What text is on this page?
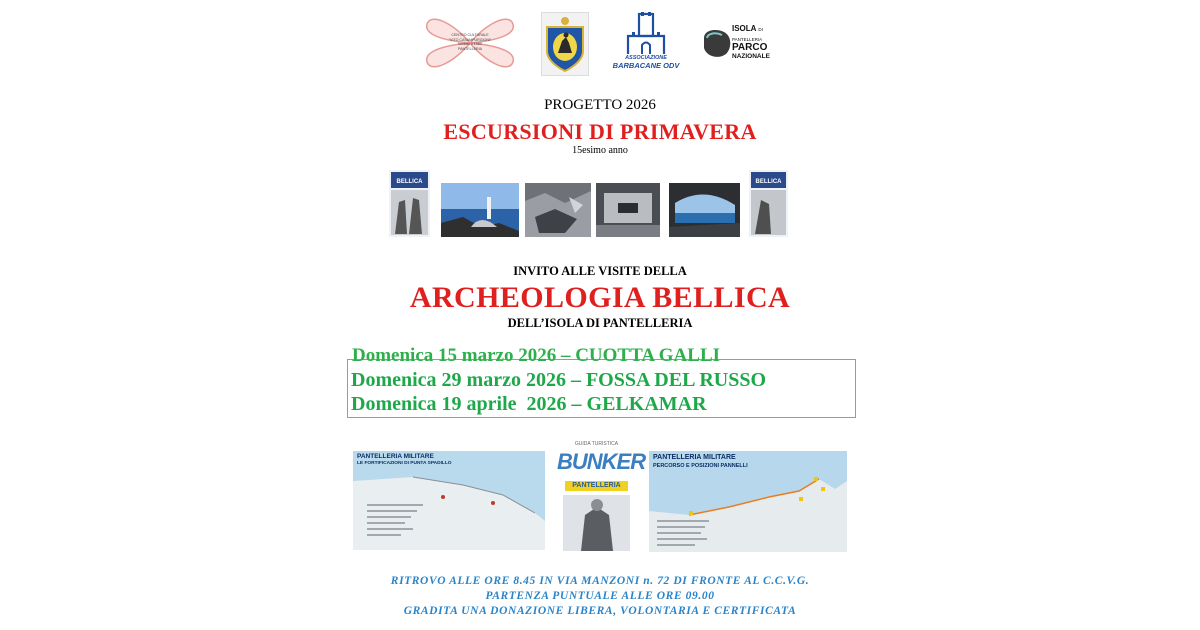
CENTRO CULTURALE
"VITO CASAMPURGIONI"
fondato il 1980
PANTELLERIA
ASSOCIAZIONE
BARBACANE ODV
ISOLA DI PANTELLERIA
PARCO
NAZIONALE
PROGETTO 2026
ESCURSIONI DI PRIMAVERA
15esimo anno
BELLICA	BELLICA
INVITO ALLE VISITE DELLA
ARCHEOLOGIA BELLICA
DELL’ISOLA DI PANTELLERIA
Domenica 15 marzo 2026 – CUOTTA GALLI
Domenica 29 marzo 2026 – FOSSA DEL RUSSO
Domenica 19 aprile  2026 – GELKAMAR
PANTELLERIA MILITARE
LE FORTIFICAZIONI DI PUNTA SPADILLO
GUIDA TURISTICA
BUNKER
PANTELLERIA
PANTELLERIA MILITARE
PERCORSO E POSIZIONI PANNELLI
RITROVO ALLE ORE 8.45 IN VIA MANZONI n. 72 DI FRONTE AL C.C.V.G.
PARTENZA PUNTUALE ALLE ORE 09.00
GRADITA UNA DONAZIONE LIBERA, VOLONTARIA E CERTIFICATA
